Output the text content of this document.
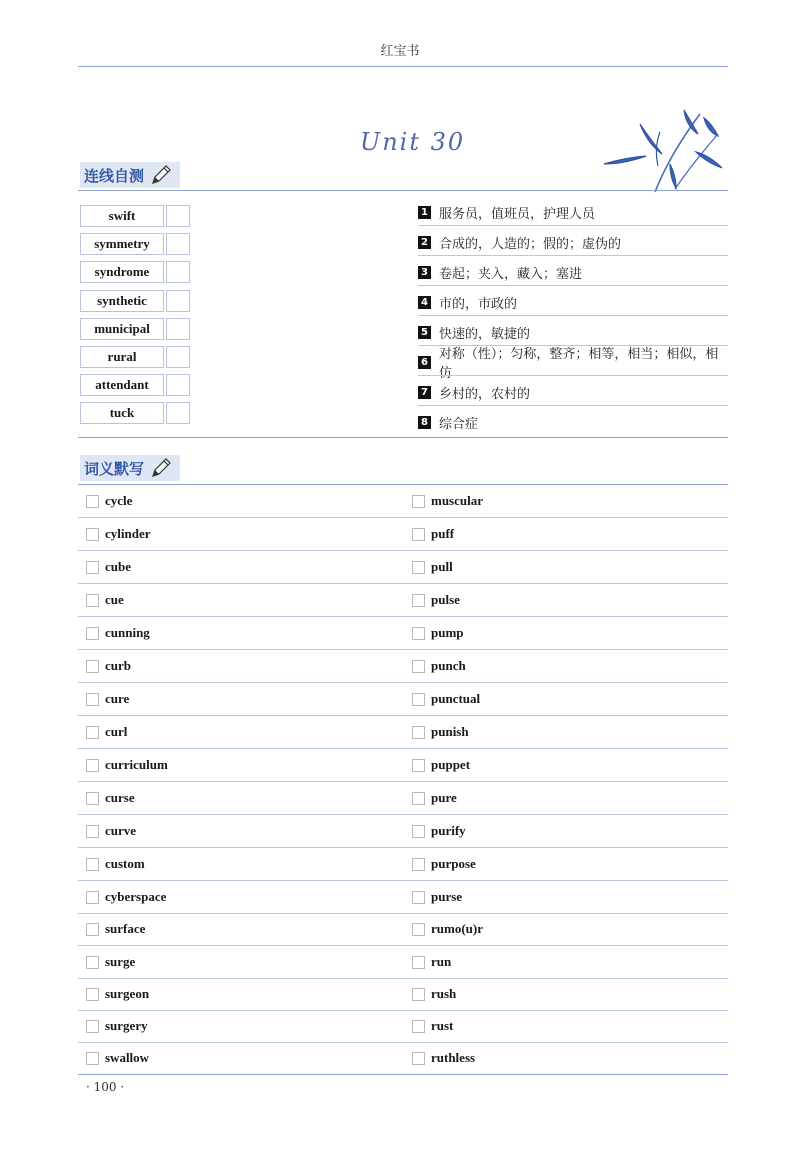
红宝书
Unit 30
连线自测
swift
symmetry
syndrome
synthetic
municipal
rural
attendant
tuck
1 服务员，值班员，护理人员
2 合成的，人造的；假的；虚伪的
3 卷起；夹入，藏入；塞进
4 市的，市政的
5 快速的，敏捷的
6 对称（性）；匀称，整齐；相等，相当；相似，相仿
7 乡村的，农村的
8 综合症
词义默写
cycle	muscular
cylinder	puff
cube	pull
cue	pulse
cunning	pump
curb	punch
cure	punctual
curl	punish
curriculum	puppet
curse	pure
curve	purify
custom	purpose
cyberspace	purse
surface	rumo(u)r
surge	run
surgeon	rush
surgery	rust
swallow	ruthless
· 100 ·
